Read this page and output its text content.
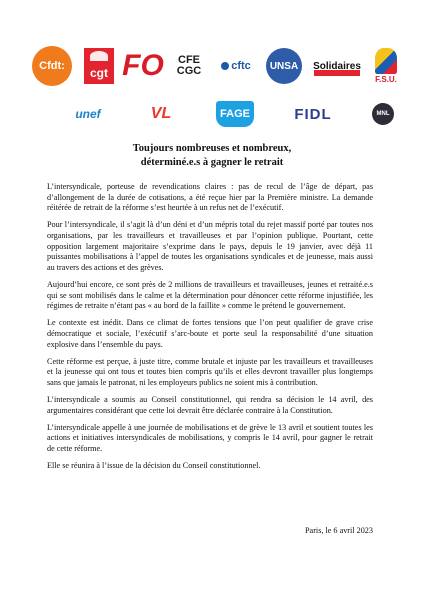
Cfdt: cgt FO CFE CGC	cftc UNSA Solidaires
F.S.U.
unef	VL	FAGE	FIDL	MNL
Toujours nombreuses et nombreux,
déterminé.e.s à gagner le retrait

L’intersyndicale, porteuse de revendications claires : pas de recul de l’âge de départ, pas d’allongement de la durée de cotisations, a été reçue hier par la Première ministre. La demande réitérée de retrait de la réforme s’est heurtée à un refus net de l’exécutif.

Pour l’intersyndicale, il s’agit là d’un déni et d’un mépris total du rejet massif porté par toutes nos organisations, par les travailleurs et travailleuses et par l’opinion publique. Pourtant, cette opposition largement majoritaire s’exprime dans le pays, depuis le 19 janvier, avec déjà 11 puissantes mobilisations à l’appel de toutes les organisations syndicales et de jeunesse, mais aussi au travers des actions et des grèves.

Aujourd’hui encore, ce sont près de 2 millions de travailleurs et travailleuses, jeunes et retraité.e.s qui se sont mobilisés dans le calme et la détermination pour dénoncer cette réforme injustifiée, les régimes de retraite n’étant pas « au bord de la faillite » comme le prétend le gouvernement.

Le contexte est inédit. Dans ce climat de fortes tensions que l’on peut qualifier de grave crise démocratique et sociale, l’exécutif s’arc-boute et porte seul la responsabilité d’une situation explosive dans l’ensemble du pays.

Cette réforme est perçue, à juste titre, comme brutale et injuste par les travailleurs et travailleuses et la jeunesse qui ont tous et toutes bien compris qu’ils et elles devront travailler plus longtemps sans que jamais le patronat, ni les employeurs publics ne soient mis à contribution.

L’intersyndicale a soumis au Conseil constitutionnel, qui rendra sa décision le 14 avril, des argumentaires considérant que cette loi devrait être déclarée contraire à la Constitution.

L’intersyndicale appelle à une journée de mobilisations et de grève le 13 avril et soutient toutes les actions et initiatives intersyndicales de mobilisations, y compris le 14 avril, pour gagner le retrait de cette réforme.

Elle se réunira à l’issue de la décision du Conseil constitutionnel.

Paris, le 6 avril 2023
